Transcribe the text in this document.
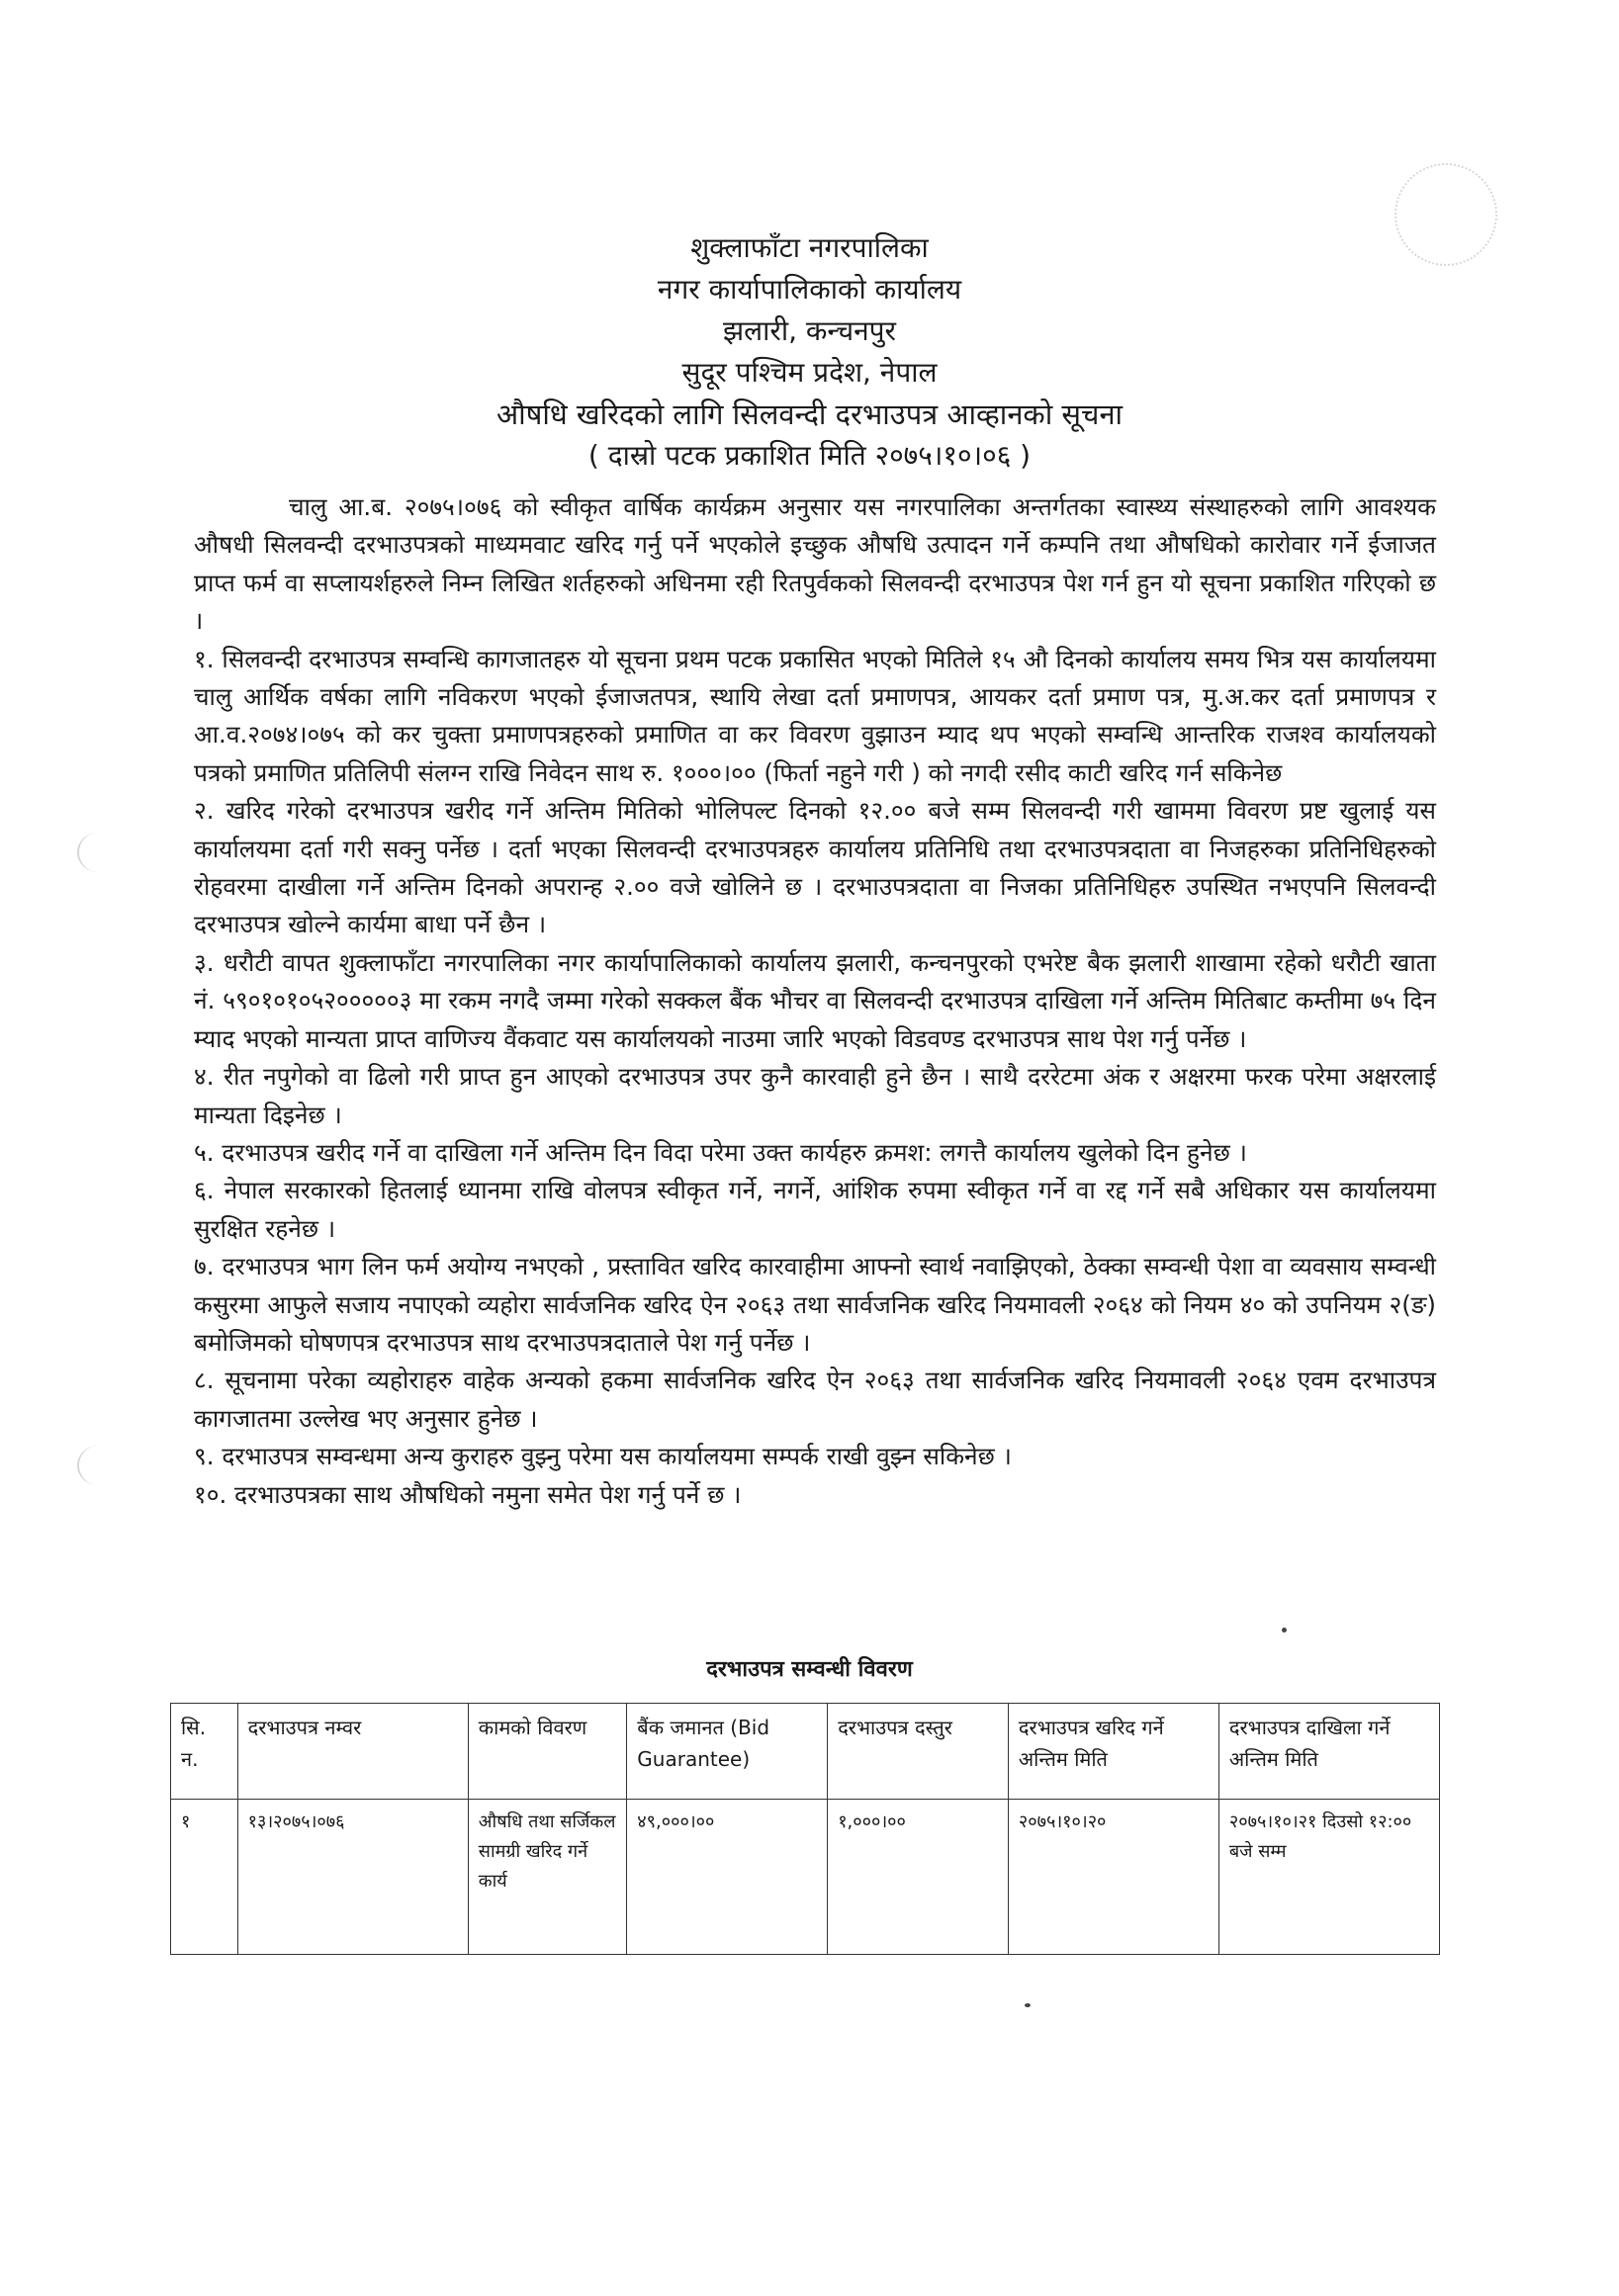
शुक्लाफाँटा नगरपालिका
नगर कार्यापालिकाको कार्यालय
झलारी, कन्चनपुर
सुदूर पश्चिम प्रदेश, नेपाल
औषधि खरिदको लागि सिलवन्दी दरभाउपत्र आव्हानको सूचना
( दास्रो पटक प्रकाशित मिति २०७५।१०।०६ )

चालु आ.ब. २०७५।०७६ को स्वीकृत वार्षिक कार्यक्रम अनुसार यस नगरपालिका अन्तर्गतका स्वास्थ्य संस्थाहरुको लागि आवश्यक औषधी सिलवन्दी दरभाउपत्रको माध्यमवाट खरिद गर्नु पर्ने भएकोले इच्छुक औषधि उत्पादन गर्ने कम्पनि तथा औषधिको कारोवार गर्ने ईजाजत प्राप्त फर्म वा सप्लायर्शहरुले निम्न लिखित शर्तहरुको अधिनमा रही रितपुर्वकको सिलवन्दी दरभाउपत्र पेश गर्न हुन यो सूचना प्रकाशित गरिएको छ ।

१. सिलवन्दी दरभाउपत्र सम्वन्धि कागजातहरु यो सूचना प्रथम पटक प्रकासित भएको मितिले १५ औ दिनको कार्यालय समय भित्र यस कार्यालयमा चालु आर्थिक वर्षका लागि नविकरण भएको ईजाजतपत्र, स्थायि लेखा दर्ता प्रमाणपत्र, आयकर दर्ता प्रमाण पत्र, मु.अ.कर दर्ता प्रमाणपत्र र आ.व.२०७४।०७५ को कर चुक्ता प्रमाणपत्रहरुको प्रमाणित वा कर विवरण वुझाउन म्याद थप भएको सम्वन्धि आन्तरिक राजश्व कार्यालयको पत्रको प्रमाणित प्रतिलिपी संलग्न राखि निवेदन साथ रु. १०००।०० (फिर्ता नहुने गरी ) को नगदी रसीद काटी खरिद गर्न सकिनेछ

२. खरिद गरेको दरभाउपत्र खरीद गर्ने अन्तिम मितिको भोलिपल्ट दिनको १२.०० बजे सम्म सिलवन्दी गरी खाममा विवरण प्रष्ट खुलाई यस कार्यालयमा दर्ता गरी सक्नु पर्नेछ । दर्ता भएका सिलवन्दी दरभाउपत्रहरु कार्यालय प्रतिनिधि तथा दरभाउपत्रदाता वा निजहरुका प्रतिनिधिहरुको रोहवरमा दाखीला गर्ने अन्तिम दिनको अपरान्ह २.०० वजे खोलिने छ । दरभाउपत्रदाता वा निजका प्रतिनिधिहरु उपस्थित नभएपनि सिलवन्दी दरभाउपत्र खोल्ने कार्यमा बाधा पर्ने छैन ।

३. धरौटी वापत शुक्लाफाँटा नगरपालिका नगर कार्यापालिकाको कार्यालय झलारी, कन्चनपुरको एभरेष्ट बैक झलारी शाखामा रहेको धरौटी खाता नं. ५९०१०१०५२०००००३ मा रकम नगदै जम्मा गरेको सक्कल बैंक भौचर वा सिलवन्दी दरभाउपत्र दाखिला गर्ने अन्तिम मितिबाट कम्तीमा ७५ दिन म्याद भएको मान्यता प्राप्त वाणिज्य वैंकवाट यस कार्यालयको नाउमा जारि भएको विडवण्ड दरभाउपत्र साथ पेश गर्नु पर्नेछ ।

४. रीत नपुगेको वा ढिलो गरी प्राप्त हुन आएको दरभाउपत्र उपर कुनै कारवाही हुने छैन । साथै दररेटमा अंक र अक्षरमा फरक परेमा अक्षरलाई मान्यता दिइनेछ ।

५. दरभाउपत्र खरीद गर्ने वा दाखिला गर्ने अन्तिम दिन विदा परेमा उक्त कार्यहरु क्रमश: लगत्तै कार्यालय खुलेको दिन हुनेछ ।

६. नेपाल सरकारको हितलाई ध्यानमा राखि वोलपत्र स्वीकृत गर्ने, नगर्ने, आंशिक रुपमा स्वीकृत गर्ने वा रद्द गर्ने सबै अधिकार यस कार्यालयमा सुरक्षित रहनेछ ।

७. दरभाउपत्र भाग लिन फर्म अयोग्य नभएको , प्रस्तावित खरिद कारवाहीमा आफ्नो स्वार्थ नवाझिएको, ठेक्का सम्वन्धी पेशा वा व्यवसाय सम्वन्धी कसुरमा आफुले सजाय नपाएको व्यहोरा सार्वजनिक खरिद ऐन २०६३ तथा सार्वजनिक खरिद नियमावली २०६४ को नियम ४० को उपनियम २(ङ) बमोजिमको घोषणपत्र दरभाउपत्र साथ दरभाउपत्रदाताले पेश गर्नु पर्नेछ ।

८. सूचनामा परेका व्यहोराहरु वाहेक अन्यको हकमा सार्वजनिक खरिद ऐन २०६३ तथा सार्वजनिक खरिद नियमावली २०६४ एवम दरभाउपत्र कागजातमा उल्लेख भए अनुसार हुनेछ ।

९. दरभाउपत्र सम्वन्धमा अन्य कुराहरु वुझ्नु परेमा यस कार्यालयमा सम्पर्क राखी वुझ्न सकिनेछ ।

१०. दरभाउपत्रका साथ औषधिको नमुना समेत पेश गर्नु पर्ने छ ।

दरभाउपत्र सम्वन्धी विवरण
सि. न.	दरभाउपत्र नम्वर	कामको विवरण	बैंक जमानत (Bid Guarantee)	दरभाउपत्र दस्तुर	दरभाउपत्र खरिद गर्ने अन्तिम मिति	दरभाउपत्र दाखिला गर्ने अन्तिम मिति
१	१३।२०७५।०७६	औषधि तथा सर्जिकल सामग्री खरिद गर्ने कार्य	४९,०००।००	१,०००।००	२०७५।१०।२०	२०७५।१०।२१ दिउसो १२:०० बजे सम्म
